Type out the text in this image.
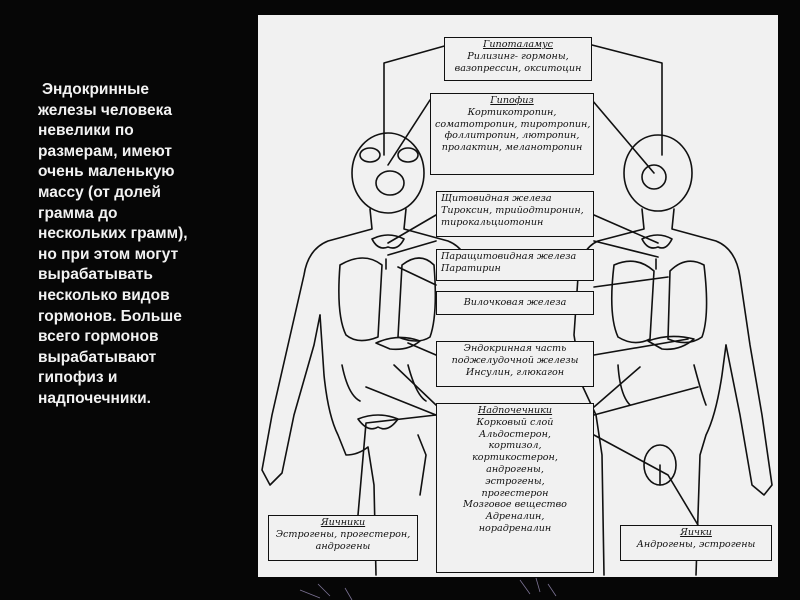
Эндокринные
железы человека
невелики по
размерам, имеют
очень маленькую
массу (от долей
грамма до
нескольких грамм),
но при этом могут
вырабатывать
несколько видов
гормонов. Больше
всего гормонов
вырабатывают
гипофиз и
надпочечники.
Гипоталамус
Рилизинг- гормоны,
вазопрессин, окситоцин
Гипофиз
Кортикотропин,
соматотропин, тиротропин,
фоллитропин, лютропин,
пролактин, меланотропин
Щитовидная железа
Тироксин, трийодтиронин,
тирокальциотонин
Паращитовидная железа
Паратирин
Вилочковая железа
Эндокринная часть
поджелудочной железы
Инсулин, глюкагон
Надпочечники
Корковый слой
Альдостерон,
кортизол,
кортикостерон,
андрогены,
эстрогены,
прогестерон
Мозговое вещество
Адреналин,
норадреналин
Яичники
Эстрогены, прогестерон,
андрогены
Яички
Андрогены, эстрогены
